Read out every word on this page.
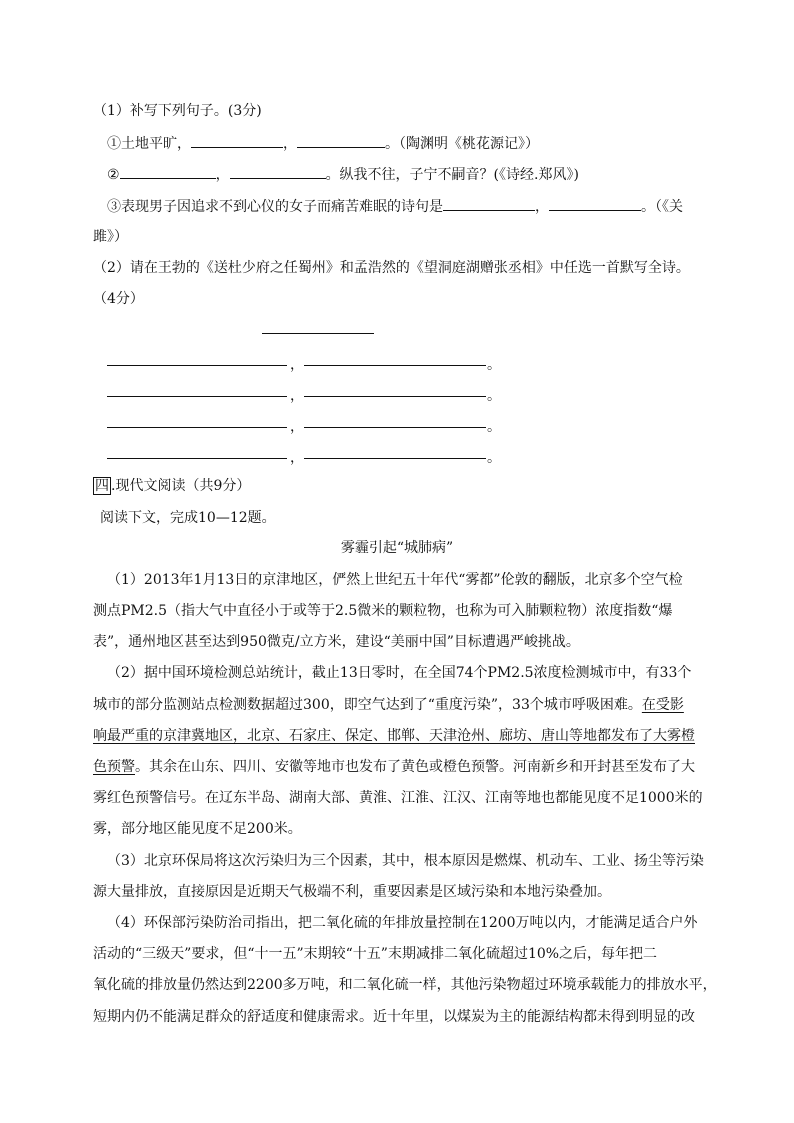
（1）补写下列句子。(3分)
①土地平旷，	，	。（陶渊明《桃花源记》）
②	，	。纵我不往，子宁不嗣音？(《诗经.郑风》)
③表现男子因追求不到心仪的女子而痛苦难眠的诗句是	，	。（《关
雎》）
（2）请在王勃的《送杜少府之任蜀州》和孟浩然的《望洞庭湖赠张丞相》中任选一首默写全诗。
（4分）
，	。
，	。
，	。
，	。
四 .现代文阅读（共9分）
阅读下文，完成10—12题。
雾霾引起“城肺病”
（1）2013年1月13日的京津地区，俨然上世纪五十年代“雾都”伦敦的翻版，北京多个空气检
测点PM2.5（指大气中直径小于或等于2.5微米的颗粒物，也称为可入肺颗粒物）浓度指数“爆
表”，通州地区甚至达到950微克/立方米，建设“美丽中国”目标遭遇严峻挑战。
（2）据中国环境检测总站统计，截止13日零时，在全国74个PM2.5浓度检测城市中，有33个
城市的部分监测站点检测数据超过300，即空气达到了“重度污染”，33个城市呼吸困难。在受影
响最严重的京津冀地区，北京、石家庄、保定、邯郸、天津沧州、廊坊、唐山等地都发布了大雾橙
色预警。其余在山东、四川、安徽等地市也发布了黄色或橙色预警。河南新乡和开封甚至发布了大
雾红色预警信号。在辽东半岛、湖南大部、黄淮、江淮、江汉、江南等地也都能见度不足1000米的
雾，部分地区能见度不足200米。
（3）北京环保局将这次污染归为三个因素，其中，根本原因是燃煤、机动车、工业、扬尘等污染
源大量排放，直接原因是近期天气极端不利，重要因素是区域污染和本地污染叠加。
（4）环保部污染防治司指出，把二氧化硫的年排放量控制在1200万吨以内，才能满足适合户外
活动的“三级天”要求，但“十一五”末期较“十五”末期减排二氧化硫超过10%之后，每年把二
氧化硫的排放量仍然达到2200多万吨，和二氧化硫一样，其他污染物超过环境承载能力的排放水平，
短期内仍不能满足群众的舒适度和健康需求。近十年里，以煤炭为主的能源结构都未得到明显的改
